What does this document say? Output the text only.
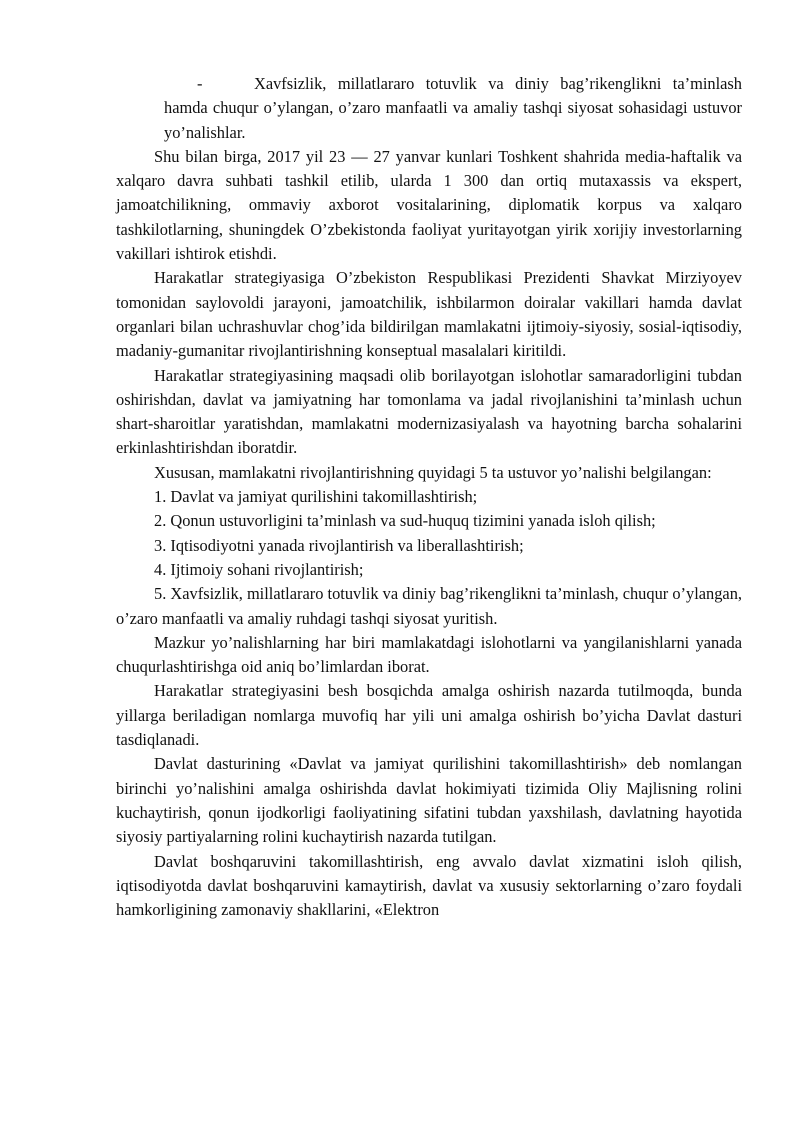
-	Xavfsizlik, millatlararo totuvlik va diniy bag’rikenglikni ta’minlash hamda chuqur o’ylangan, o’zaro manfaatli va amaliy tashqi siyosat sohasidagi ustuvor yo’nalishlar.

Shu bilan birga, 2017 yil 23 — 27 yanvar kunlari Toshkent shahrida media-haftalik va xalqaro davra suhbati tashkil etilib, ularda 1 300 dan ortiq mutaxassis va ekspert, jamoatchilikning, ommaviy axborot vositalarining, diplomatik korpus va xalqaro tashkilotlarning, shuningdek O’zbekistonda faoliyat yuritayotgan yirik xorijiy investorlarning vakillari ishtirok etishdi.

Harakatlar strategiyasiga O’zbekiston Respublikasi Prezidenti Shavkat Mirziyoyev tomonidan saylovoldi jarayoni, jamoatchilik, ishbilarmon doiralar vakillari hamda davlat organlari bilan uchrashuvlar chog’ida bildirilgan mamlakatni ijtimoiy-siyosiy, sosial-iqtisodiy, madaniy-gumanitar rivojlantirishning konseptual masalalari kiritildi.

Harakatlar strategiyasining maqsadi olib borilayotgan islohotlar samaradorligini tubdan oshirishdan, davlat va jamiyatning har tomonlama va jadal rivojlanishini ta’minlash uchun shart-sharoitlar yaratishdan, mamlakatni modernizasiyalash va hayotning barcha sohalarini erkinlashtirishdan iboratdir.

Xususan, mamlakatni rivojlantirishning quyidagi 5 ta ustuvor yo’nalishi belgilangan:

1. Davlat va jamiyat qurilishini takomillashtirish;

2. Qonun ustuvorligini ta’minlash va sud-huquq tizimini yanada isloh qilish;

3. Iqtisodiyotni yanada rivojlantirish va liberallashtirish;

4. Ijtimoiy sohani rivojlantirish;

5. Xavfsizlik, millatlararo totuvlik va diniy bag’rikenglikni ta’minlash, chuqur o’ylangan, o’zaro manfaatli va amaliy ruhdagi tashqi siyosat yuritish.

Mazkur yo’nalishlarning har biri mamlakatdagi islohotlarni va yangilanishlarni yanada chuqurlashtirishga oid aniq bo’limlardan iborat.

Harakatlar strategiyasini besh bosqichda amalga oshirish nazarda tutilmoqda, bunda yillarga beriladigan nomlarga muvofiq har yili uni amalga oshirish bo’yicha Davlat dasturi tasdiqlanadi.

Davlat dasturining «Davlat va jamiyat qurilishini takomillashtirish» deb nomlangan birinchi yo’nalishini amalga oshirishda davlat hokimiyati tizimida Oliy Majlisning rolini kuchaytirish, qonun ijodkorligi faoliyatining sifatini tubdan yaxshilash, davlatning hayotida siyosiy partiyalarning rolini kuchaytirish nazarda tutilgan.

Davlat boshqaruvini takomillashtirish, eng avvalo davlat xizmatini isloh qilish, iqtisodiyotda davlat boshqaruvini kamaytirish, davlat va xususiy sektorlarning o’zaro foydali hamkorligining zamonaviy shakllarini, «Elektron
